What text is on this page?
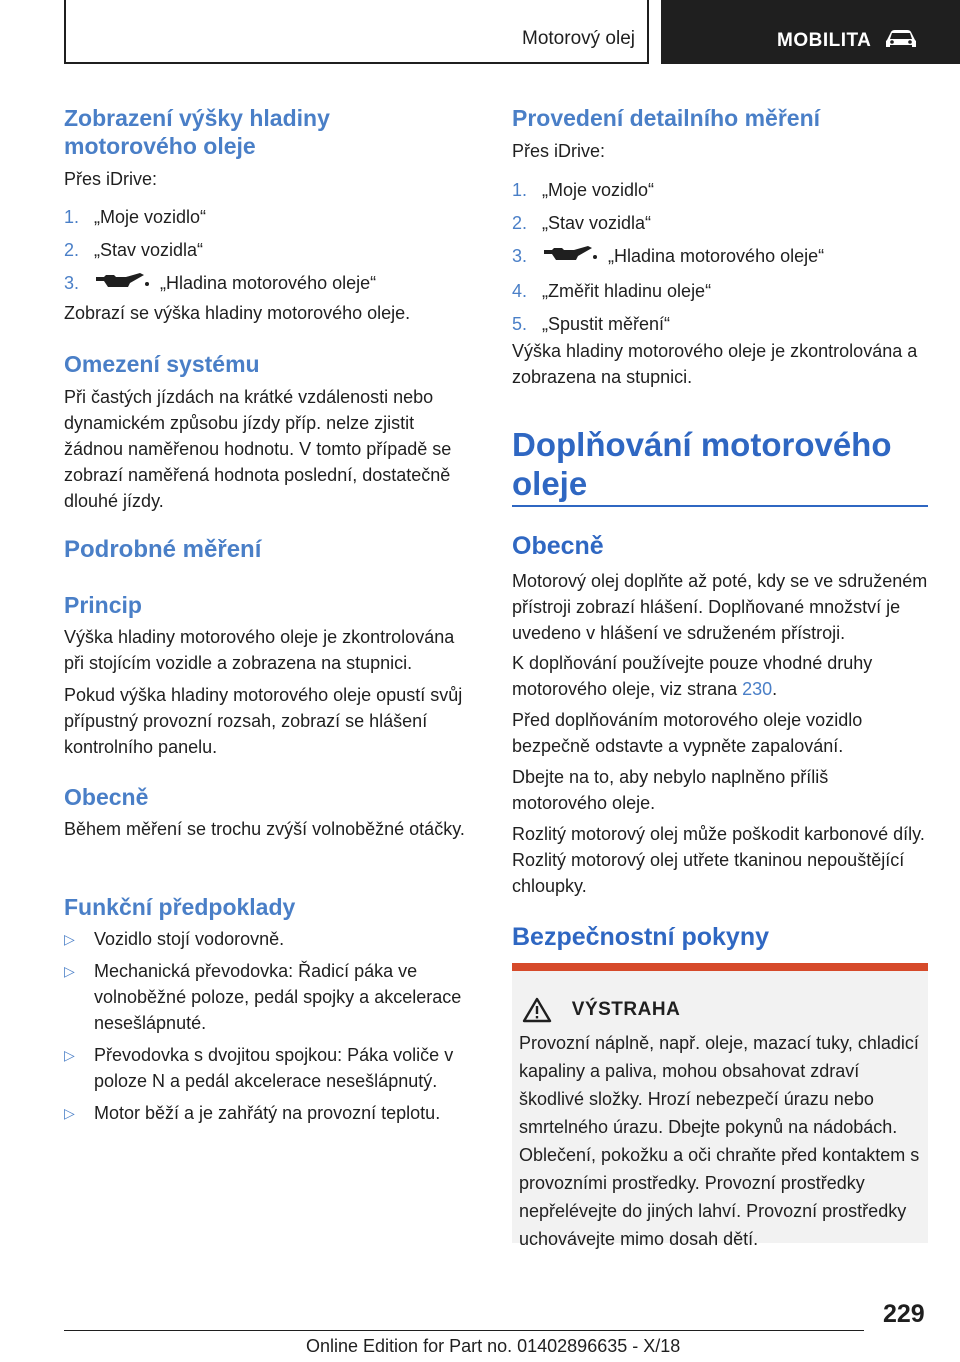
Motorový olej	MOBILITA
Zobrazení výšky hladiny
motorového oleje

Přes iDrive:

1. „Moje vozidlo“
2. „Stav vozidla“
3.	„Hladina motorového oleje“

Zobrazí se výška hladiny motorového oleje.

Omezení systému

Při častých jízdách na krátké vzdálenosti nebo dynamickém způsobu jízdy příp. nelze zjistit žádnou naměřenou hodnotu. V tomto případě se zobrazí naměřená hodnota poslední, dostatečně dlouhé jízdy.

Podrobné měření
Princip

Výška hladiny motorového oleje je zkontrolována při stojícím vozidle a zobrazena na stupnici.

Pokud výška hladiny motorového oleje opustí svůj přípustný provozní rozsah, zobrazí se hlášení kontrolního panelu.

Obecně

Během měření se trochu zvýší volnoběžné otáčky.

Funkční předpoklady
▷ Vozidlo stojí vodorovně.
▷ Mechanická převodovka: Řadicí páka ve volnoběžné poloze, pedál spojky a akcelerace nesešlápnuté.
▷ Převodovka s dvojitou spojkou: Páka voliče v poloze N a pedál akcelerace nesešlápnutý.
▷ Motor běží a je zahřátý na provozní teplotu.
Provedení detailního měření

Přes iDrive:

1. „Moje vozidlo“
2. „Stav vozidla“
3.	„Hladina motorového oleje“
4. „Změřit hladinu oleje“
5. „Spustit měření“

Výška hladiny motorového oleje je zkontrolována a zobrazena na stupnici.

Doplňování motorového oleje
Obecně

Motorový olej doplňte až poté, kdy se ve sdruženém přístroji zobrazí hlášení. Doplňované množství je uvedeno v hlášení ve sdruženém přístroji.

K doplňování používejte pouze vhodné druhy motorového oleje, viz strana 230.

Před doplňováním motorového oleje vozidlo bezpečně odstavte a vypněte zapalování.

Dbejte na to, aby nebylo naplněno příliš motorového oleje.

Rozlitý motorový olej může poškodit karbonové díly. Rozlitý motorový olej utřete tkaninou nepouštějící chloupky.

Bezpečnostní pokyny
VÝSTRAHA
Provozní náplně, např. oleje, mazací tuky, chladicí kapaliny a paliva, mohou obsahovat zdraví škodlivé složky. Hrozí nebezpečí úrazu nebo smrtelného úrazu. Dbejte pokynů na nádobách. Oblečení, pokožku a oči chraňte před kontaktem s provozními prostředky. Provozní prostředky nepřelévejte do jiných lahví. Provozní prostředky uchovávejte mimo dosah dětí.
229
Online Edition for Part no. 01402896635 - X/18
